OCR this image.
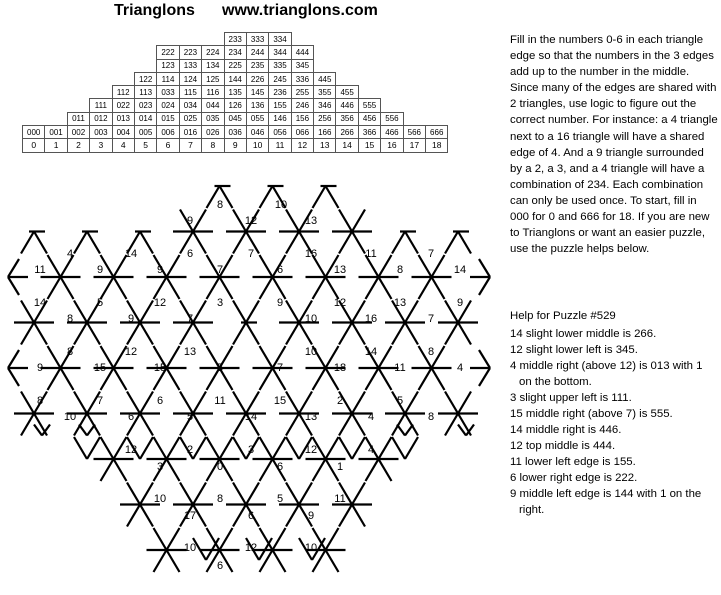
Trianglons www.trianglons.com
									233	333	334							
						222	223	224	234	244	344	444						
						123	133	134	225	235	335	345						
					122	114	124	125	144	226	245	336	445					
				112	113	033	115	116	135	145	236	255	355	455				
			111	022	023	024	034	044	126	136	155	246	346	446	555			
		011	012	013	014	015	025	035	045	055	146	156	256	356	456	556		
000	001	002	003	004	005	006	016	026	036	046	056	066	166	266	366	466	566	666
0	1	2	3	4	5	6	7	8	9	10	11	12	13	14	15	16	17	18
8	10
9	12	13
4	14	6	7	16	11	7
11	9	9	7	6	13	8	14
14	5	12	3	9	12	13	9
8	9	7	10	16	7
8	12	13	10	14	8
9	15	15	5	7	18	11	4
8	7	6	11	15	2	5
10	6	5	14	13	4	8
12	2	3	12	4
3	0	6	1
10	8	5	11
17	6	9
10	12	10
6
Fill in the numbers 0-6 in each triangle edge so that the numbers in the 3 edges add up to the number in the middle. Since many of the edges are shared with 2 triangles, use logic to figure out the correct number. For instance: a 4 triangle next to a 16 triangle will have a shared edge of 4. And a 9 triangle surrounded by a 2, a 3, and a 4 triangle will have a combination of 234. Each combination can only be used once. To start, fill in 000 for 0 and 666 for 18. If you are new to Trianglons or want an easier puzzle, use the puzzle helps below.
Help for Puzzle #529
14 slight lower middle is 266.
12 slight lower left is 345.
4 middle right (above 12) is 013 with 1 on the bottom.
3 slight upper left is 111.
15 middle right (above 7) is 555.
14 middle right is 446.
12 top middle is 444.
11 lower left edge is 155.
6 lower right edge is 222.
9 middle left edge is 144 with 1 on the right.
